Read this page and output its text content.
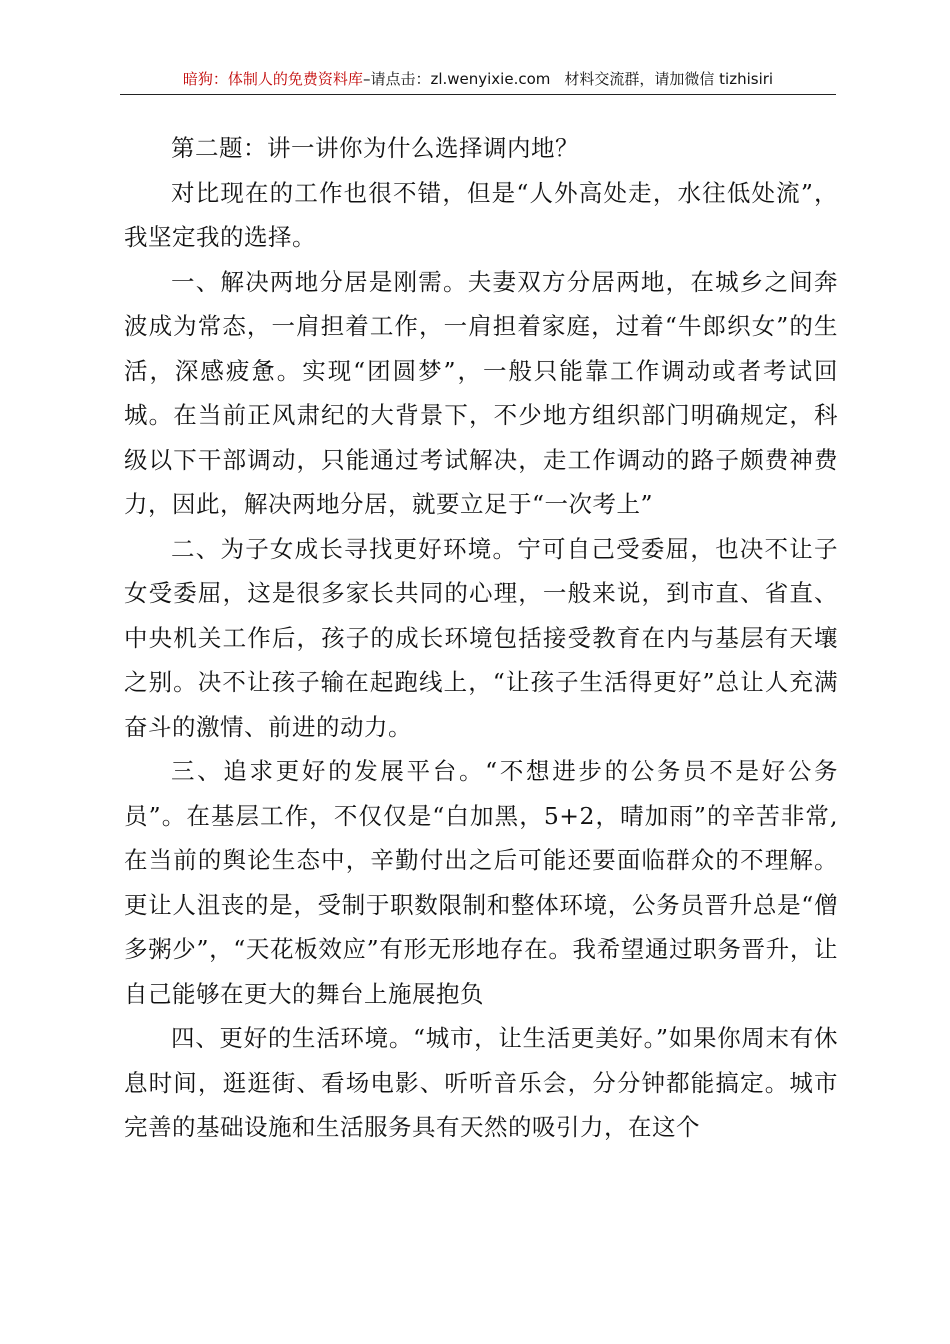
暗狗：体制人的免费资料库–请点击：zl.wenyixie.com 材料交流群，请加微信 tizhisiri

第二题：讲一讲你为什么选择调内地？

对比现在的工作也很不错，但是“人外高处走，水往低处流”，我坚定我的选择。

一、解决两地分居是刚需。夫妻双方分居两地，在城乡之间奔波成为常态，一肩担着工作，一肩担着家庭，过着“牛郎织女”的生活，深感疲惫。实现“团圆梦”，一般只能靠工作调动或者考试回城。在当前正风肃纪的大背景下，不少地方组织部门明确规定，科级以下干部调动，只能通过考试解决，走工作调动的路子颇费神费力，因此，解决两地分居，就要立足于“一次考上”

二、为子女成长寻找更好环境。宁可自己受委屈，也决不让子女受委屈，这是很多家长共同的心理，一般来说，到市直、省直、中央机关工作后，孩子的成长环境包括接受教育在内与基层有天壤之别。决不让孩子输在起跑线上，“让孩子生活得更好”总让人充满奋斗的激情、前进的动力。

三、追求更好的发展平台。“不想进步的公务员不是好公务员”。在基层工作，不仅仅是“白加黑，5+2，晴加雨”的辛苦非常,在当前的舆论生态中，辛勤付出之后可能还要面临群众的不理解。更让人沮丧的是，受制于职数限制和整体环境，公务员晋升总是“僧多粥少”，“天花板效应”有形无形地存在。我希望通过职务晋升，让自己能够在更大的舞台上施展抱负

四、更好的生活环境。“城市，让生活更美好。”如果你周末有休息时间，逛逛街、看场电影、听听音乐会，分分钟都能搞定。城市完善的基础设施和生活服务具有天然的吸引力，在这个
